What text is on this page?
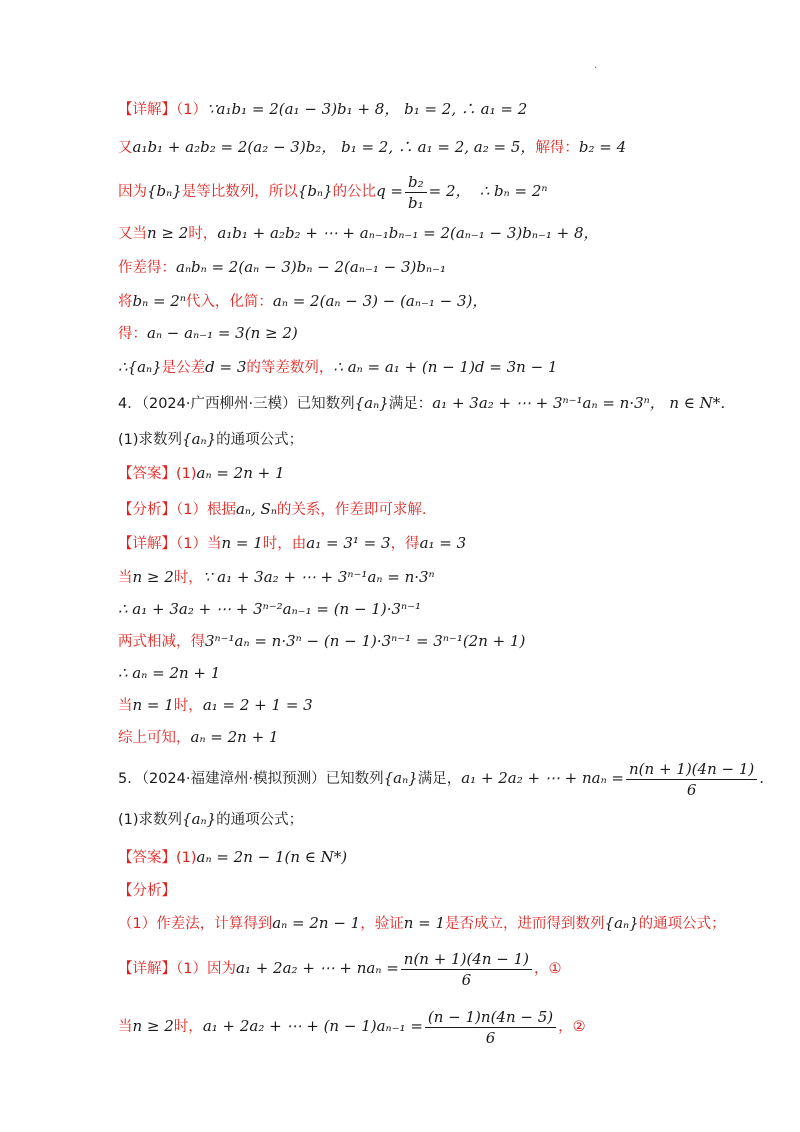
.
【详解】（1）∵a₁b₁ = 2(a₁ − 3)b₁ + 8， b₁ = 2, ∴ a₁ = 2
又a₁b₁ + a₂b₂ = 2(a₂ − 3)b₂， b₁ = 2, ∴ a₁ = 2, a₂ = 5，解得：b₂ = 4
因为{bₙ}是等比数列，所以{bₙ}的公比$q = \frac{\text{b₂}}{\text{b₁}} = 2$， ∴ bₙ = 2ⁿ
又当n ≥ 2时，a₁b₁ + a₂b₂ + ⋯ + aₙ₋₁bₙ₋₁ = 2(aₙ₋₁ − 3)bₙ₋₁ + 8，
作差得：aₙbₙ = 2(aₙ − 3)bₙ − 2(aₙ₋₁ − 3)bₙ₋₁
将bₙ = 2ⁿ代入，化简：aₙ = 2(aₙ − 3) − (aₙ₋₁ − 3)，
得：aₙ − aₙ₋₁ = 3(n ≥ 2)
∴{aₙ}是公差d = 3的等差数列，∴ aₙ = a₁ + (n − 1)d = 3n − 1
4．（2024·广西柳州·三模）已知数列{aₙ}满足：a₁ + 3a₂ + ⋯ + 3ⁿ⁻¹aₙ = n·3ⁿ， n ∈ N*．
(1)求数列{aₙ}的通项公式；
【答案】(1)aₙ = 2n + 1
【分析】（1）根据aₙ, Sₙ的关系，作差即可求解.
【详解】（1）当n = 1时，由a₁ = 3¹ = 3，得a₁ = 3
当n ≥ 2时，∵ a₁ + 3a₂ + ⋯ + 3ⁿ⁻¹aₙ = n·3ⁿ
∴ a₁ + 3a₂ + ⋯ + 3ⁿ⁻²aₙ₋₁ = (n − 1)·3ⁿ⁻¹
两式相减，得3ⁿ⁻¹aₙ = n·3ⁿ − (n − 1)·3ⁿ⁻¹ = 3ⁿ⁻¹(2n + 1)
∴ aₙ = 2n + 1
当n = 1时，a₁ = 2 + 1 = 3
综上可知，aₙ = 2n + 1
5．（2024·福建漳州·模拟预测）已知数列{aₙ}满足，a₁ + 2a₂ + ⋯ + $na_n = \frac{n(n + 1)(4n - 1)}{6}$ .
(1)求数列{aₙ}的通项公式；
【答案】(1)aₙ = 2n − 1(n ∈ N*)
【分析】
（1）作差法，计算得到aₙ = 2n − 1，验证n = 1是否成立，进而得到数列{aₙ}的通项公式；
【详解】（1）因为a₁ + 2a₂ + ⋯ + $na_n = \frac{n(n + 1)(4n - 1)}{6}$ ，①
当n ≥ 2时，a₁ + 2a₂ + ⋯ + $(n - 1)a_{n-1} = \frac{(n - 1)n(4n - 5)}{6}$ ，②
